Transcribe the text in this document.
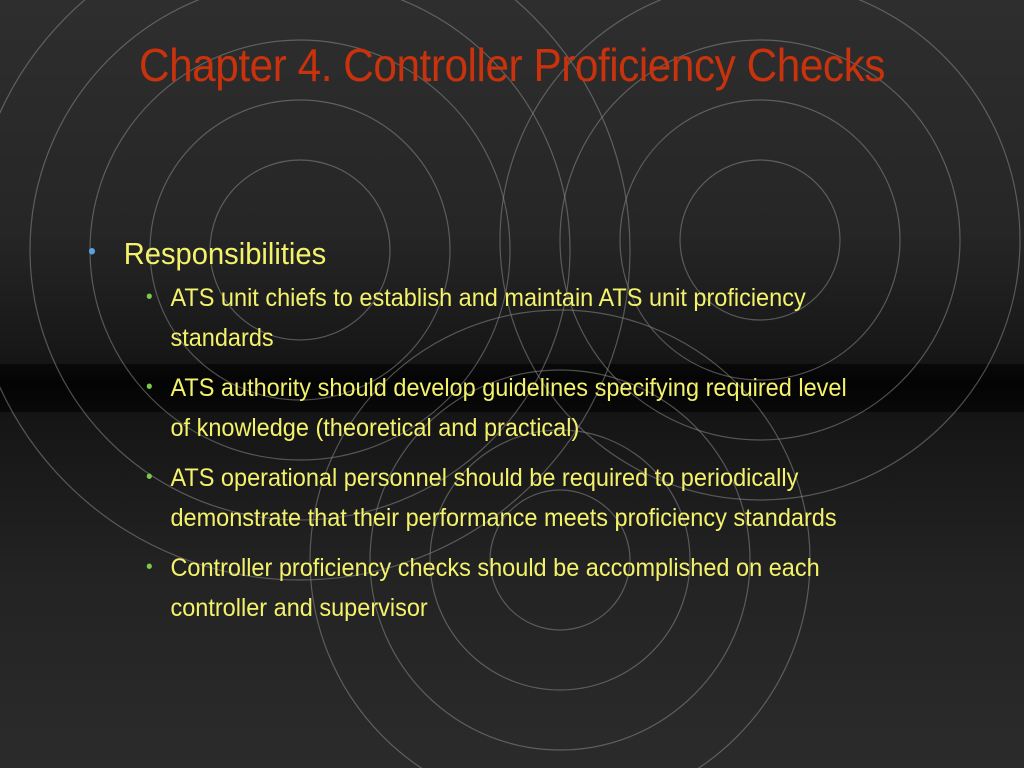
Chapter 4. Controller Proficiency Checks
• Responsibilities
• ATS unit chiefs to establish and maintain ATS unit proficiency standards
• ATS authority should develop guidelines specifying required level of knowledge (theoretical and practical)
• ATS operational personnel should be required to periodically demonstrate that their performance meets proficiency standards
• Controller proficiency checks should be accomplished on each controller and supervisor
